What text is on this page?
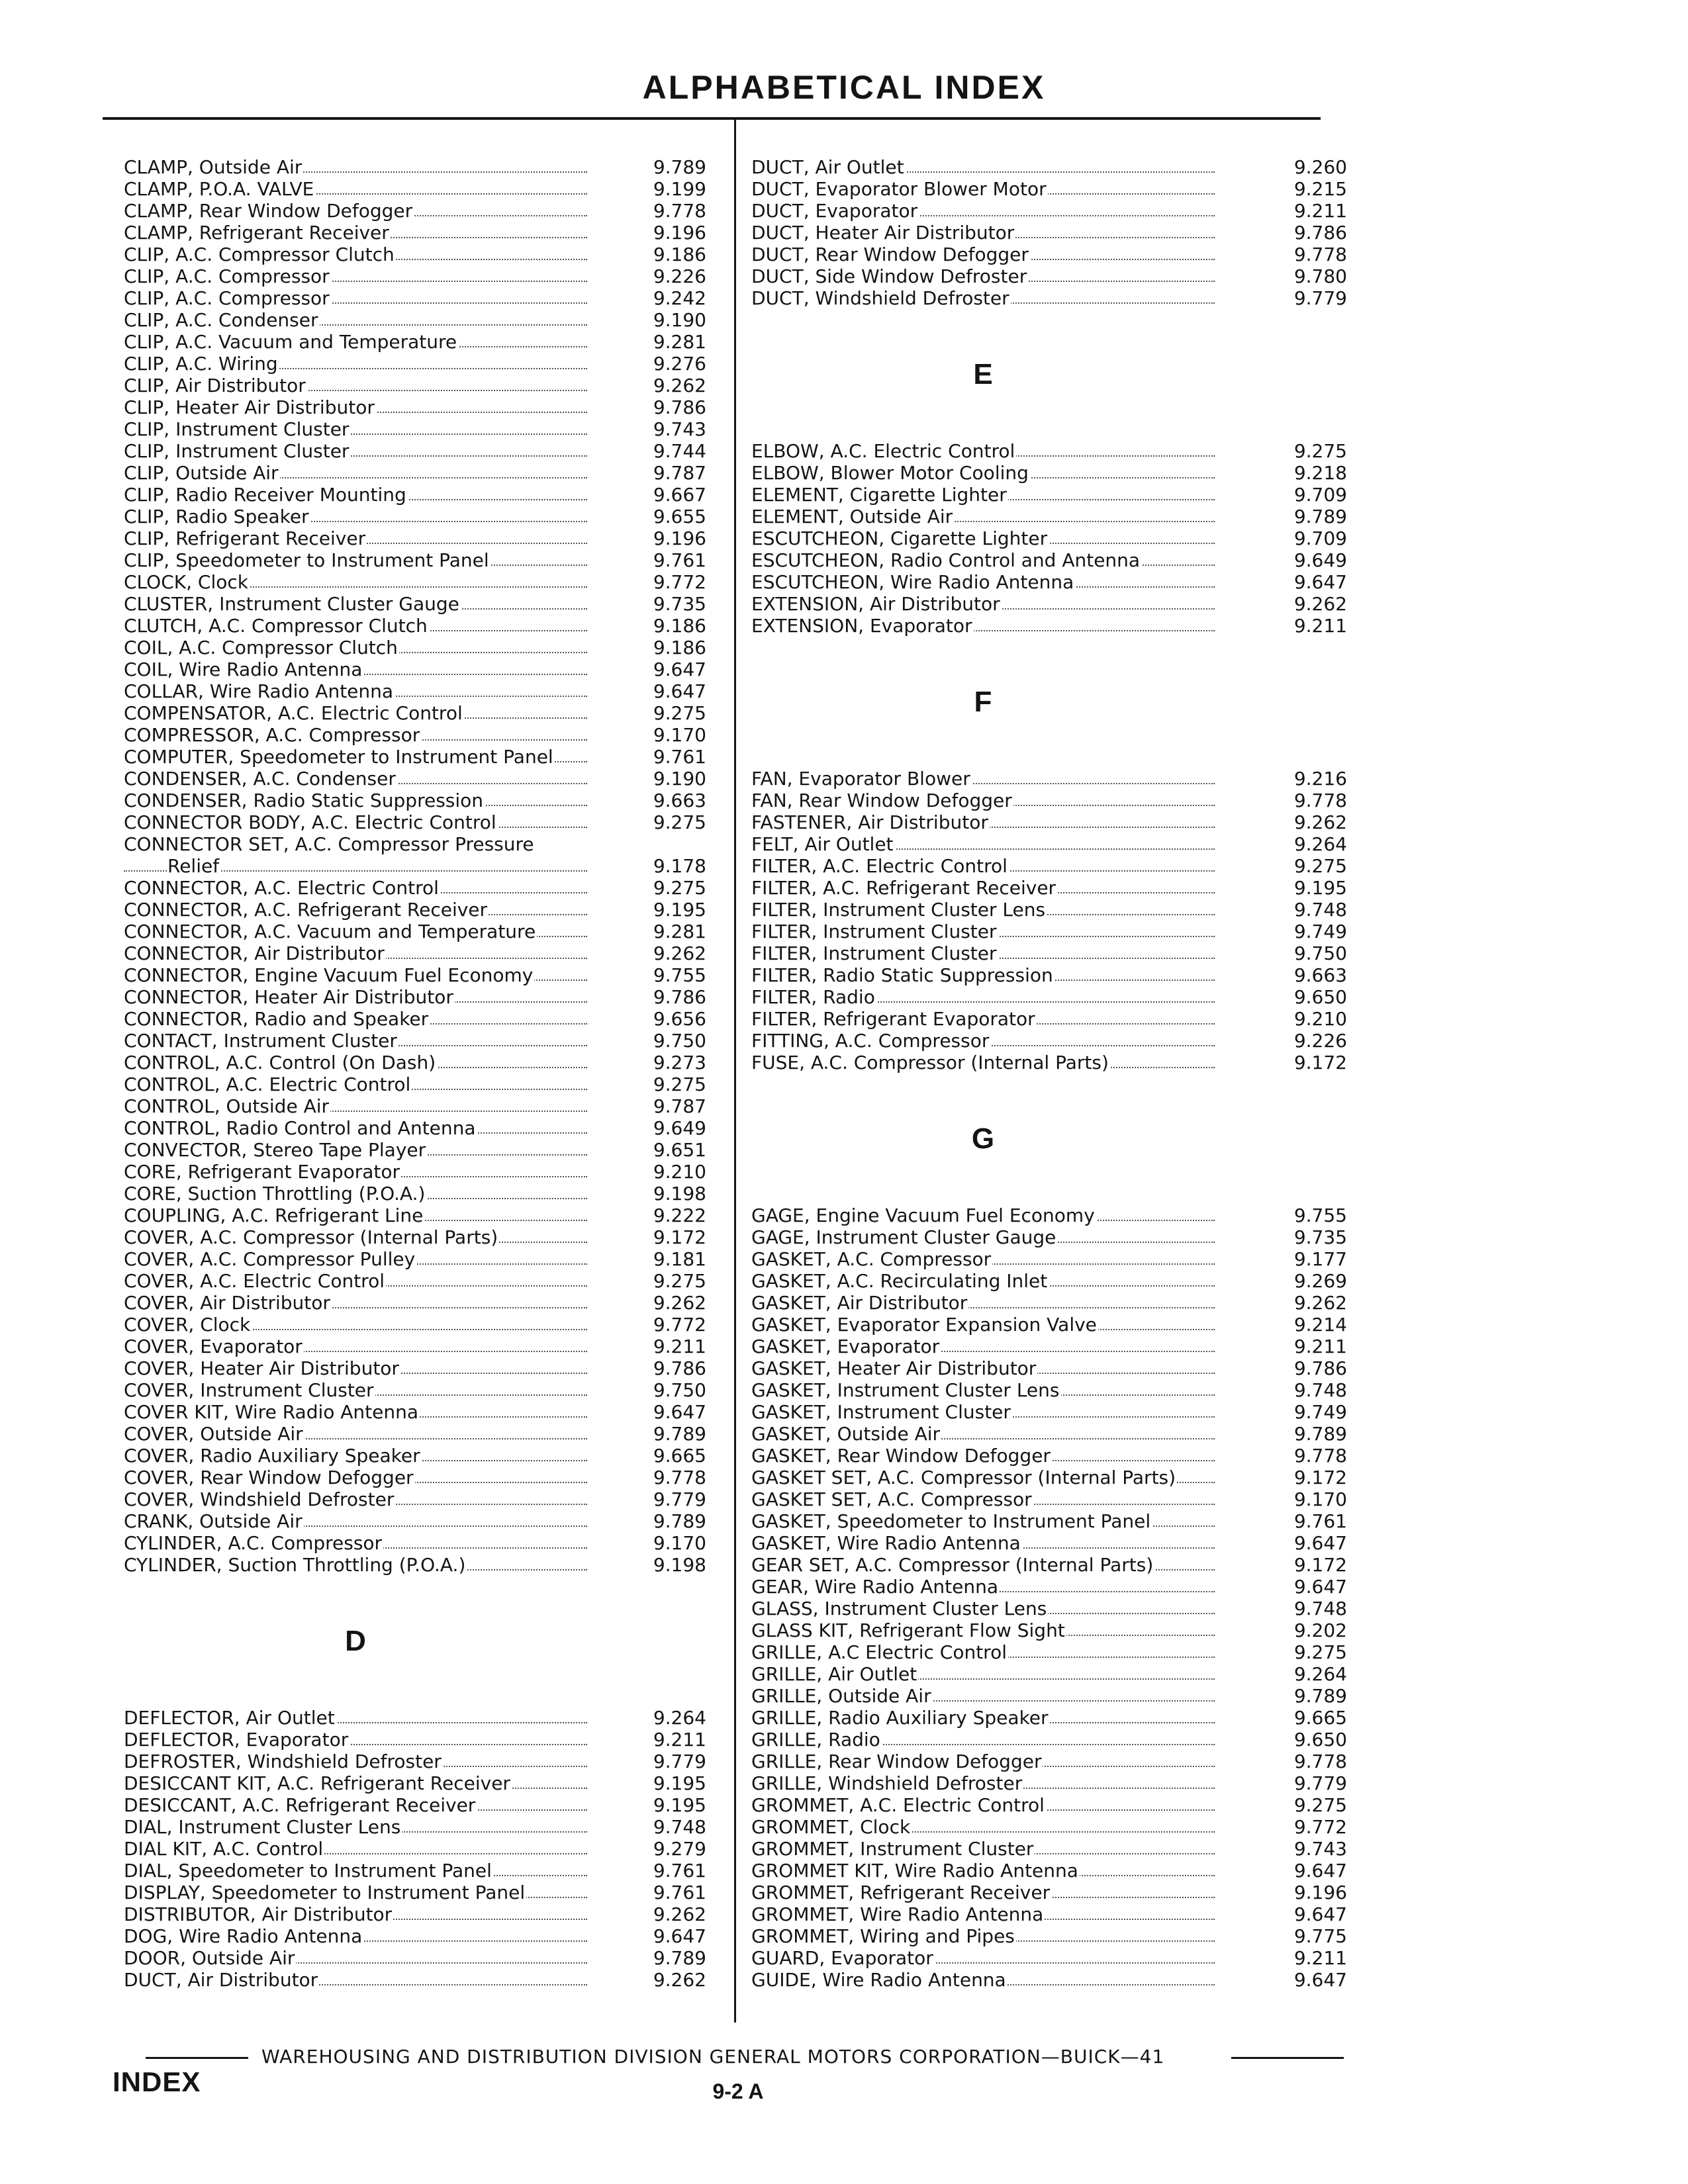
ALPHABETICAL INDEX
CLAMP, Outside Air	9.789
CLAMP, P.O.A. VALVE	9.199
CLAMP, Rear Window Defogger	9.778
CLAMP, Refrigerant Receiver	9.196
CLIP, A.C. Compressor Clutch	9.186
CLIP, A.C. Compressor	9.226
CLIP, A.C. Compressor	9.242
CLIP, A.C. Condenser	9.190
CLIP, A.C. Vacuum and Temperature	9.281
CLIP, A.C. Wiring	9.276
CLIP, Air Distributor	9.262
CLIP, Heater Air Distributor	9.786
CLIP, Instrument Cluster	9.743
CLIP, Instrument Cluster	9.744
CLIP, Outside Air	9.787
CLIP, Radio Receiver Mounting	9.667
CLIP, Radio Speaker	9.655
CLIP, Refrigerant Receiver	9.196
CLIP, Speedometer to Instrument Panel	9.761
CLOCK, Clock	9.772
CLUSTER, Instrument Cluster Gauge	9.735
CLUTCH, A.C. Compressor Clutch	9.186
COIL, A.C. Compressor Clutch	9.186
COIL, Wire Radio Antenna	9.647
COLLAR, Wire Radio Antenna	9.647
COMPENSATOR, A.C. Electric Control	9.275
COMPRESSOR, A.C. Compressor	9.170
COMPUTER, Speedometer to Instrument Panel	9.761
CONDENSER, A.C. Condenser	9.190
CONDENSER, Radio Static Suppression	9.663
CONNECTOR BODY, A.C. Electric Control	9.275
CONNECTOR SET, A.C. Compressor Pressure
Relief	9.178
CONNECTOR, A.C. Electric Control	9.275
CONNECTOR, A.C. Refrigerant Receiver	9.195
CONNECTOR, A.C. Vacuum and Temperature	9.281
CONNECTOR, Air Distributor	9.262
CONNECTOR, Engine Vacuum Fuel Economy	9.755
CONNECTOR, Heater Air Distributor	9.786
CONNECTOR, Radio and Speaker	9.656
CONTACT, Instrument Cluster	9.750
CONTROL, A.C. Control (On Dash)	9.273
CONTROL, A.C. Electric Control	9.275
CONTROL, Outside Air	9.787
CONTROL, Radio Control and Antenna	9.649
CONVECTOR, Stereo Tape Player	9.651
CORE, Refrigerant Evaporator	9.210
CORE, Suction Throttling (P.O.A.)	9.198
COUPLING, A.C. Refrigerant Line	9.222
COVER, A.C. Compressor (Internal Parts)	9.172
COVER, A.C. Compressor Pulley	9.181
COVER, A.C. Electric Control	9.275
COVER, Air Distributor	9.262
COVER, Clock	9.772
COVER, Evaporator	9.211
COVER, Heater Air Distributor	9.786
COVER, Instrument Cluster	9.750
COVER KIT, Wire Radio Antenna	9.647
COVER, Outside Air	9.789
COVER, Radio Auxiliary Speaker	9.665
COVER, Rear Window Defogger	9.778
COVER, Windshield Defroster	9.779
CRANK, Outside Air	9.789
CYLINDER, A.C. Compressor	9.170
CYLINDER, Suction Throttling (P.O.A.)	9.198
D
DEFLECTOR, Air Outlet	9.264
DEFLECTOR, Evaporator	9.211
DEFROSTER, Windshield Defroster	9.779
DESICCANT KIT, A.C. Refrigerant Receiver	9.195
DESICCANT, A.C. Refrigerant Receiver	9.195
DIAL, Instrument Cluster Lens	9.748
DIAL KIT, A.C. Control	9.279
DIAL, Speedometer to Instrument Panel	9.761
DISPLAY, Speedometer to Instrument Panel	9.761
DISTRIBUTOR, Air Distributor	9.262
DOG, Wire Radio Antenna	9.647
DOOR, Outside Air	9.789
DUCT, Air Distributor	9.262
DUCT, Air Outlet	9.260
DUCT, Evaporator Blower Motor	9.215
DUCT, Evaporator	9.211
DUCT, Heater Air Distributor	9.786
DUCT, Rear Window Defogger	9.778
DUCT, Side Window Defroster	9.780
DUCT, Windshield Defroster	9.779
E
ELBOW, A.C. Electric Control	9.275
ELBOW, Blower Motor Cooling	9.218
ELEMENT, Cigarette Lighter	9.709
ELEMENT, Outside Air	9.789
ESCUTCHEON, Cigarette Lighter	9.709
ESCUTCHEON, Radio Control and Antenna	9.649
ESCUTCHEON, Wire Radio Antenna	9.647
EXTENSION, Air Distributor	9.262
EXTENSION, Evaporator	9.211
F
FAN, Evaporator Blower	9.216
FAN, Rear Window Defogger	9.778
FASTENER, Air Distributor	9.262
FELT, Air Outlet	9.264
FILTER, A.C. Electric Control	9.275
FILTER, A.C. Refrigerant Receiver	9.195
FILTER, Instrument Cluster Lens	9.748
FILTER, Instrument Cluster	9.749
FILTER, Instrument Cluster	9.750
FILTER, Radio Static Suppression	9.663
FILTER, Radio	9.650
FILTER, Refrigerant Evaporator	9.210
FITTING, A.C. Compressor	9.226
FUSE, A.C. Compressor (Internal Parts)	9.172
G
GAGE, Engine Vacuum Fuel Economy	9.755
GAGE, Instrument Cluster Gauge	9.735
GASKET, A.C. Compressor	9.177
GASKET, A.C. Recirculating Inlet	9.269
GASKET, Air Distributor	9.262
GASKET, Evaporator Expansion Valve	9.214
GASKET, Evaporator	9.211
GASKET, Heater Air Distributor	9.786
GASKET, Instrument Cluster Lens	9.748
GASKET, Instrument Cluster	9.749
GASKET, Outside Air	9.789
GASKET, Rear Window Defogger	9.778
GASKET SET, A.C. Compressor (Internal Parts)	9.172
GASKET SET, A.C. Compressor	9.170
GASKET, Speedometer to Instrument Panel	9.761
GASKET, Wire Radio Antenna	9.647
GEAR SET, A.C. Compressor (Internal Parts)	9.172
GEAR, Wire Radio Antenna	9.647
GLASS, Instrument Cluster Lens	9.748
GLASS KIT, Refrigerant Flow Sight	9.202
GRILLE, A.C Electric Control	9.275
GRILLE, Air Outlet	9.264
GRILLE, Outside Air	9.789
GRILLE, Radio Auxiliary Speaker	9.665
GRILLE, Radio	9.650
GRILLE, Rear Window Defogger	9.778
GRILLE, Windshield Defroster	9.779
GROMMET, A.C. Electric Control	9.275
GROMMET, Clock	9.772
GROMMET, Instrument Cluster	9.743
GROMMET KIT, Wire Radio Antenna	9.647
GROMMET, Refrigerant Receiver	9.196
GROMMET, Wire Radio Antenna	9.647
GROMMET, Wiring and Pipes	9.775
GUARD, Evaporator	9.211
GUIDE, Wire Radio Antenna	9.647
WAREHOUSING AND DISTRIBUTION DIVISION GENERAL MOTORS CORPORATION—BUICK—41
INDEX	9-2 A
